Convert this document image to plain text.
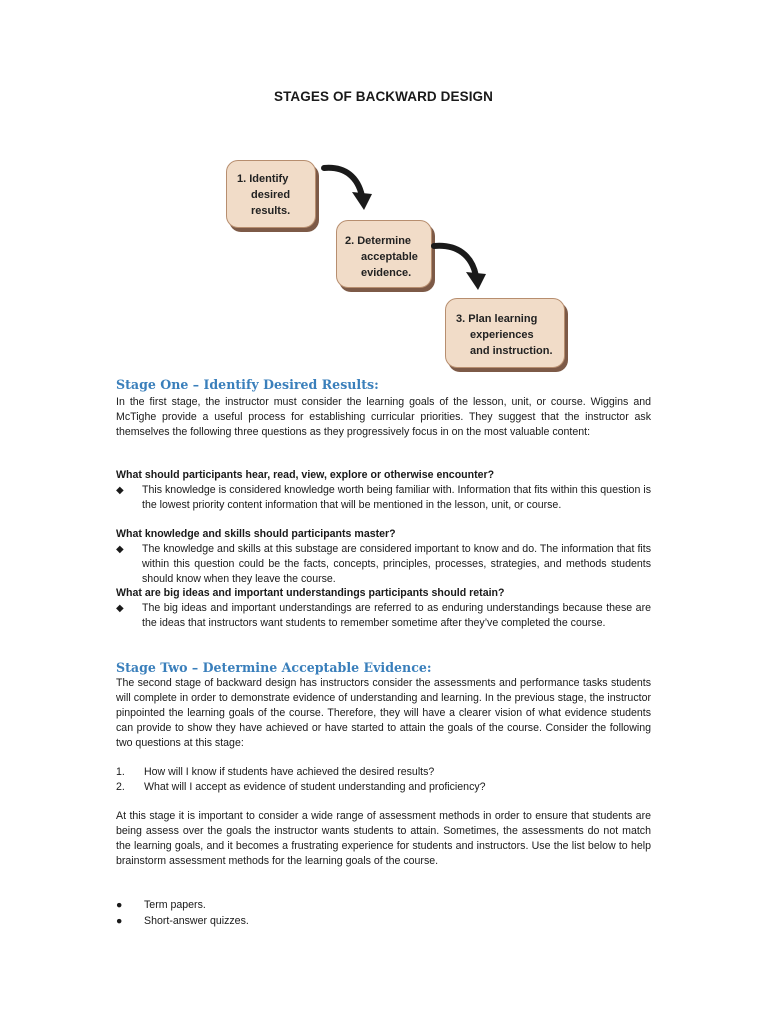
STAGES OF BACKWARD DESIGN
1. Identify
desired
results.
2. Determine
acceptable
evidence.
3. Plan learning
experiences
and instruction.
Stage One – Identify Desired Results:

In the first stage, the instructor must consider the learning goals of the lesson, unit, or course. Wiggins and McTighe provide a useful process for establishing curricular priorities. They suggest that the instructor ask themselves the following three questions as they progressively focus in on the most valuable content:

What should participants hear, read, view, explore or otherwise encounter?
◆ This knowledge is considered knowledge worth being familiar with. Information that fits within this question is the lowest priority content information that will be mentioned in the lesson, unit, or course.
What knowledge and skills should participants master?
◆ The knowledge and skills at this substage are considered important to know and do. The information that fits within this question could be the facts, concepts, principles, processes, strategies, and methods students should know when they leave the course.
What are big ideas and important understandings participants should retain?
◆ The big ideas and important understandings are referred to as enduring understandings because these are the ideas that instructors want students to remember sometime after they’ve completed the course.
Stage Two – Determine Acceptable Evidence:

The second stage of backward design has instructors consider the assessments and performance tasks students will complete in order to demonstrate evidence of understanding and learning. In the previous stage, the instructor pinpointed the learning goals of the course. Therefore, they will have a clearer vision of what evidence students can provide to show they have achieved or have started to attain the goals of the course. Consider the following two questions at this stage:

1. How will I know if students have achieved the desired results?
2. What will I accept as evidence of student understanding and proficiency?

At this stage it is important to consider a wide range of assessment methods in order to ensure that students are being assess over the goals the instructor wants students to attain. Sometimes, the assessments do not match the learning goals, and it becomes a frustrating experience for students and instructors. Use the list below to help brainstorm assessment methods for the learning goals of the course.

● Term papers.
● Short-answer quizzes.
